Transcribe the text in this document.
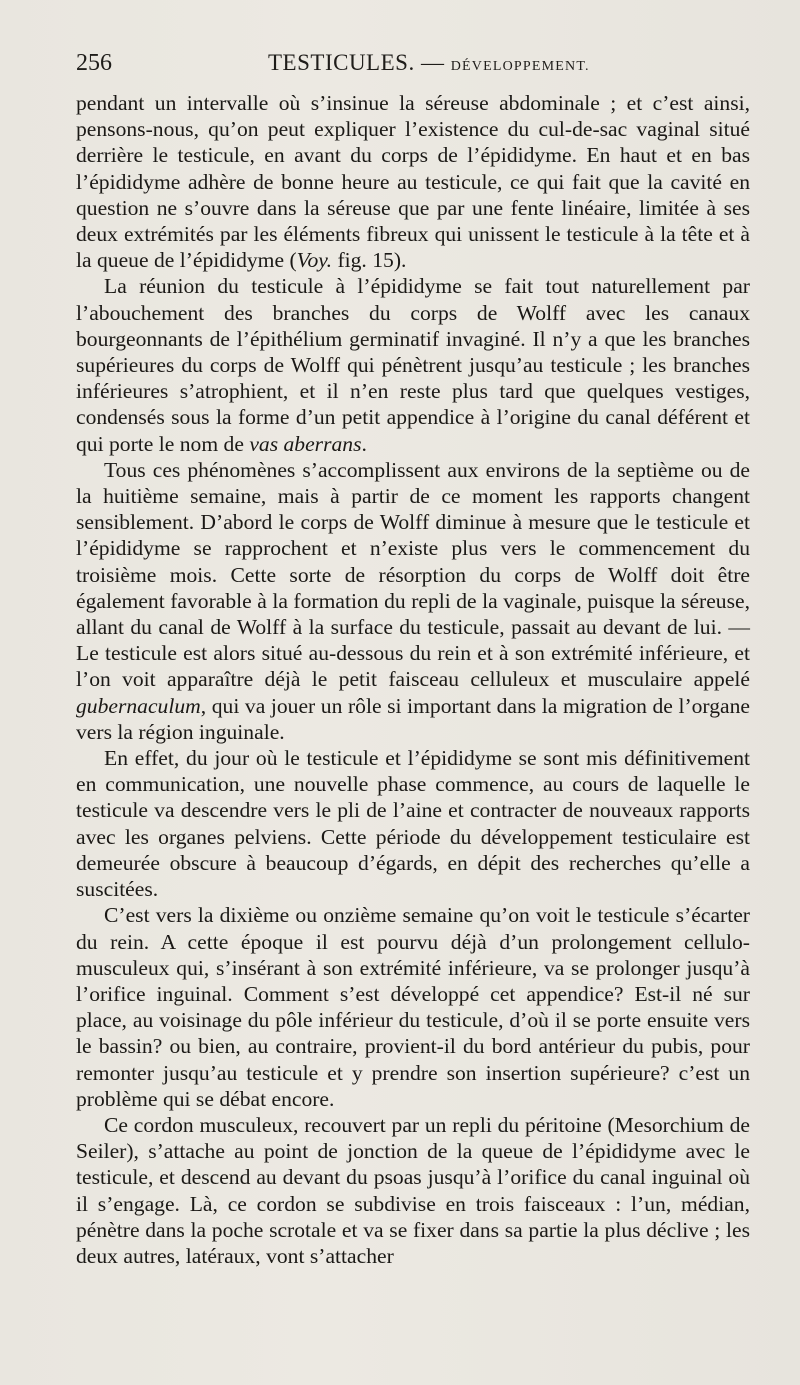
256	TESTICULES. — DÉVELOPPEMENT.

pendant un intervalle où s’insinue la séreuse abdominale ; et c’est ainsi, pensons-nous, qu’on peut expliquer l’existence du cul-de-sac vaginal situé derrière le testicule, en avant du corps de l’épididyme. En haut et en bas l’épididyme adhère de bonne heure au testicule, ce qui fait que la cavité en question ne s’ouvre dans la séreuse que par une fente linéaire, limitée à ses deux extrémités par les éléments fibreux qui unissent le testicule à la tête et à la queue de l’épididyme (Voy. fig. 15).

La réunion du testicule à l’épididyme se fait tout naturellement par l’abouchement des branches du corps de Wolff avec les canaux bourgeonnants de l’épithélium germinatif invaginé. Il n’y a que les branches supérieures du corps de Wolff qui pénètrent jusqu’au testicule ; les branches inférieures s’atrophient, et il n’en reste plus tard que quelques vestiges, condensés sous la forme d’un petit appendice à l’origine du canal déférent et qui porte le nom de vas aberrans.

Tous ces phénomènes s’accomplissent aux environs de la septième ou de la huitième semaine, mais à partir de ce moment les rapports changent sensiblement. D’abord le corps de Wolff diminue à mesure que le testicule et l’épididyme se rapprochent et n’existe plus vers le commencement du troisième mois. Cette sorte de résorption du corps de Wolff doit être également favorable à la formation du repli de la vaginale, puisque la séreuse, allant du canal de Wolff à la surface du testicule, passait au devant de lui. — Le testicule est alors situé au-dessous du rein et à son extrémité inférieure, et l’on voit apparaître déjà le petit faisceau celluleux et musculaire appelé gubernaculum, qui va jouer un rôle si important dans la migration de l’organe vers la région inguinale.

En effet, du jour où le testicule et l’épididyme se sont mis définitivement en communication, une nouvelle phase commence, au cours de laquelle le testicule va descendre vers le pli de l’aine et contracter de nouveaux rapports avec les organes pelviens. Cette période du développement testiculaire est demeurée obscure à beaucoup d’égards, en dépit des recherches qu’elle a suscitées.

C’est vers la dixième ou onzième semaine qu’on voit le testicule s’écarter du rein. A cette époque il est pourvu déjà d’un prolongement cellulo-musculeux qui, s’insérant à son extrémité inférieure, va se prolonger jusqu’à l’orifice inguinal. Comment s’est développé cet appendice? Est-il né sur place, au voisinage du pôle inférieur du testicule, d’où il se porte ensuite vers le bassin? ou bien, au contraire, provient-il du bord antérieur du pubis, pour remonter jusqu’au testicule et y prendre son insertion supérieure? c’est un problème qui se débat encore.

Ce cordon musculeux, recouvert par un repli du péritoine (Mesorchium de Seiler), s’attache au point de jonction de la queue de l’épididyme avec le testicule, et descend au devant du psoas jusqu’à l’orifice du canal inguinal où il s’engage. Là, ce cordon se subdivise en trois faisceaux : l’un, médian, pénètre dans la poche scrotale et va se fixer dans sa partie la plus déclive ; les deux autres, latéraux, vont s’attacher
